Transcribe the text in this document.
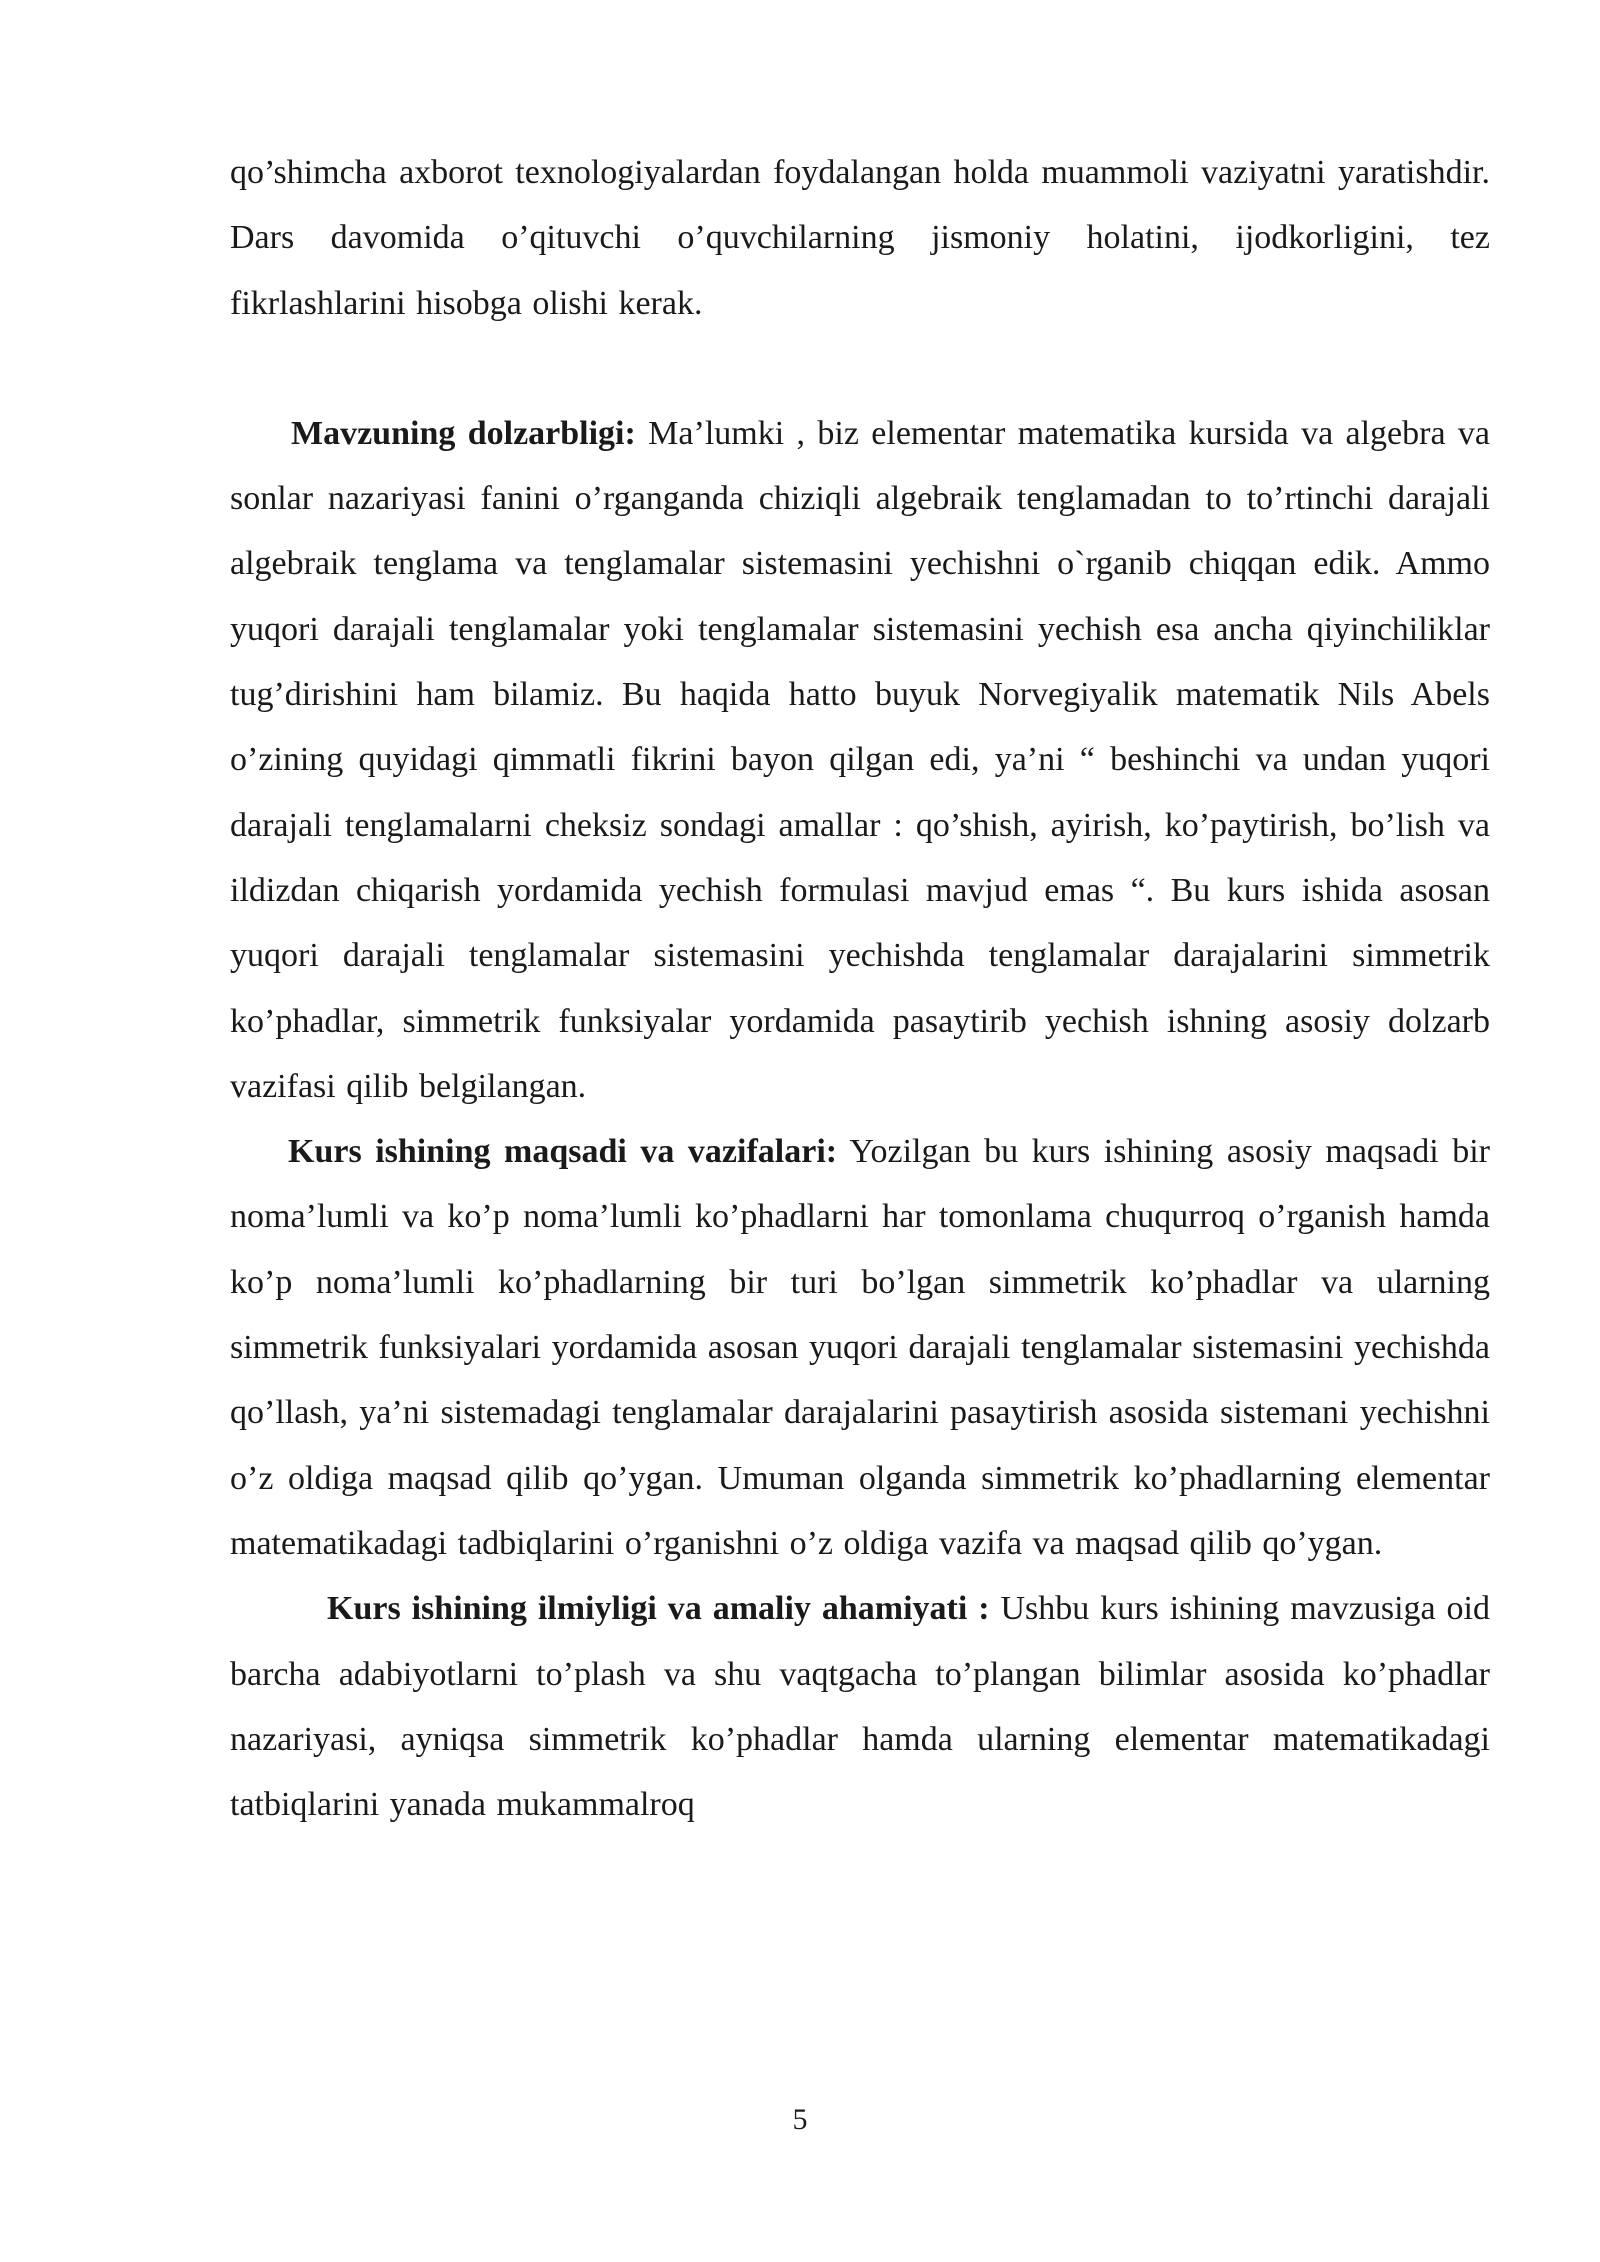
qo’shimcha axborot texnologiyalardan foydalangan holda muammoli vaziyatni yaratishdir. Dars davomida o’qituvchi o’quvchilarning jismoniy holatini, ijodkorligini, tez fikrlashlarini hisobga olishi kerak.

Mavzuning dolzarbligi: Ma’lumki , biz elementar matematika kursida va algebra va sonlar nazariyasi fanini o’rganganda chiziqli algebraik tenglamadan to to’rtinchi darajali algebraik tenglama va tenglamalar sistemasini yechishni o`rganib chiqqan edik. Ammo yuqori darajali tenglamalar yoki tenglamalar sistemasini yechish esa ancha qiyinchiliklar tug’dirishini ham bilamiz. Bu haqida hatto buyuk Norvegiyalik matematik Nils Abels o’zining quyidagi qimmatli fikrini bayon qilgan edi, ya’ni “ beshinchi va undan yuqori darajali tenglamalarni cheksiz sondagi amallar : qo’shish, ayirish, ko’paytirish, bo’lish va ildizdan chiqarish yordamida yechish formulasi mavjud emas “. Bu kurs ishida asosan yuqori darajali tenglamalar sistemasini yechishda tenglamalar darajalarini simmetrik ko’phadlar, simmetrik funksiyalar yordamida pasaytirib yechish ishning asosiy dolzarb vazifasi qilib belgilangan.

Kurs ishining maqsadi va vazifalari: Yozilgan bu kurs ishining asosiy maqsadi bir noma’lumli va ko’p noma’lumli ko’phadlarni har tomonlama chuqurroq o’rganish hamda ko’p noma’lumli ko’phadlarning bir turi bo’lgan simmetrik ko’phadlar va ularning simmetrik funksiyalari yordamida asosan yuqori darajali tenglamalar sistemasini yechishda qo’llash, ya’ni sistemadagi tenglamalar darajalarini pasaytirish asosida sistemani yechishni o’z oldiga maqsad qilib qo’ygan. Umuman olganda simmetrik ko’phadlarning elementar matematikadagi tadbiqlarini o’rganishni o’z oldiga vazifa va maqsad qilib qo’ygan.

Kurs ishining ilmiyligi va amaliy ahamiyati : Ushbu kurs ishining mavzusiga oid barcha adabiyotlarni to’plash va shu vaqtgacha to’plangan bilimlar asosida ko’phadlar nazariyasi, ayniqsa simmetrik ko’phadlar hamda ularning elementar matematikadagi tatbiqlarini yanada mukammalroq

5
